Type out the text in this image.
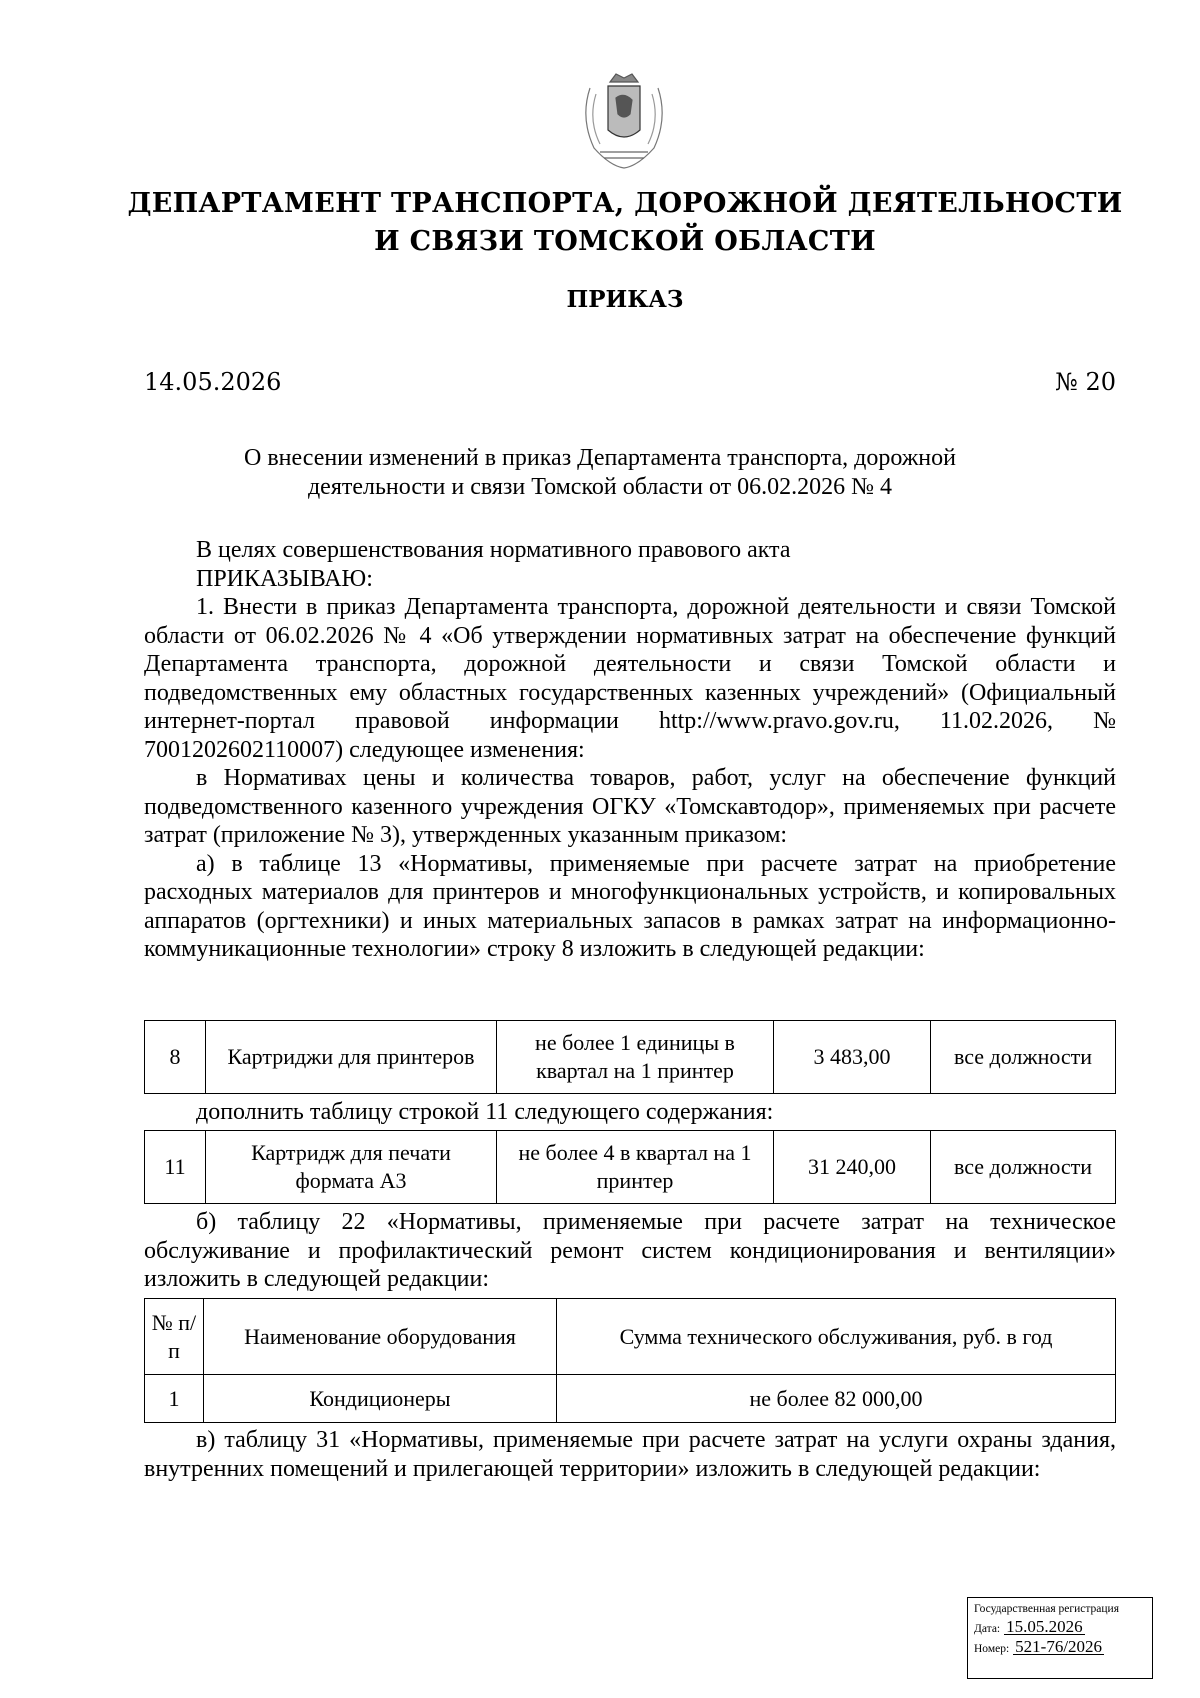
ДЕПАРТАМЕНТ ТРАНСПОРТА, ДОРОЖНОЙ ДЕЯТЕЛЬНОСТИ
И СВЯЗИ ТОМСКОЙ ОБЛАСТИ
ПРИКАЗ
14.05.2026	№ 20
О внесении изменений в приказ Департамента транспорта, дорожной
деятельности и связи Томской области от 06.02.2026 № 4

В целях совершенствования нормативного правового акта

ПРИКАЗЫВАЮ:

1. Внести в приказ Департамента транспорта, дорожной деятельности и связи Томской области от 06.02.2026 № 4 «Об утверждении нормативных затрат на обеспечение функций Департамента транспорта, дорожной деятельности и связи Томской области и подведомственных ему областных государственных казенных учреждений» (Официальный интернет-портал правовой информации http://www.pravo.gov.ru, 11.02.2026, № 7001202602110007) следующее изменения:

в Нормативах цены и количества товаров, работ, услуг на обеспечение функций подведомственного казенного учреждения ОГКУ «Томскавтодор», применяемых при расчете затрат (приложение № 3), утвержденных указанным приказом:

а) в таблице 13 «Нормативы, применяемые при расчете затрат на приобретение расходных материалов для принтеров и многофункциональных устройств, и копировальных аппаратов (оргтехники) и иных материальных запасов в рамках затрат на информационно-коммуникационные технологии» строку 8 изложить в следующей редакции:

8	Картриджи для принтеров	не более 1 единицы в квартал на 1 принтер	3 483,00	все должности

дополнить таблицу строкой 11 следующего содержания:

11	Картридж для печати формата А3	не более 4 в квартал на 1 принтер	31 240,00	все должности

б) таблицу 22 «Нормативы, применяемые при расчете затрат на техническое обслуживание и профилактический ремонт систем кондиционирования и вентиляции» изложить в следующей редакции:

№ п/п	Наименование оборудования	Сумма технического обслуживания, руб. в год
1	Кондиционеры	не более 82 000,00

в) таблицу 31 «Нормативы, применяемые при расчете затрат на услуги охраны здания, внутренних помещений и прилегающей территории» изложить в следующей редакции:

Государственная регистрация
Дата: 15.05.2026
Номер: 521-76/2026
